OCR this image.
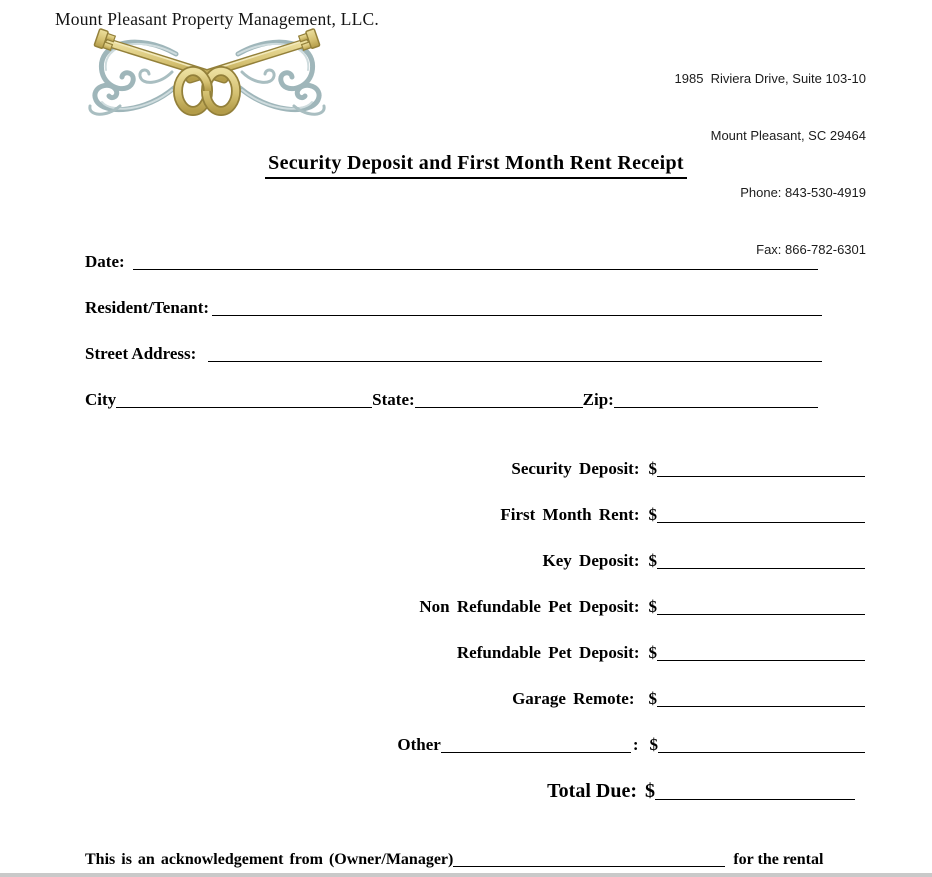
Mount Pleasant Property Management, LLC.

1985  Riviera Drive, Suite 103-10

Mount Pleasant, SC 29464

Phone: 843-530-4919

Fax: 866-782-6301

Security Deposit and First Month Rent Receipt
Date:
Resident/Tenant:
Street Address:
City	State:	Zip:
Security Deposit: $
First Month Rent: $
Key Deposit: $
Non Refundable Pet Deposit: $
Refundable Pet Deposit: $
Garage Remote: $
Other	: $
Total Due: $
This is an acknowledgement from (Owner/Manager)	for the rental
